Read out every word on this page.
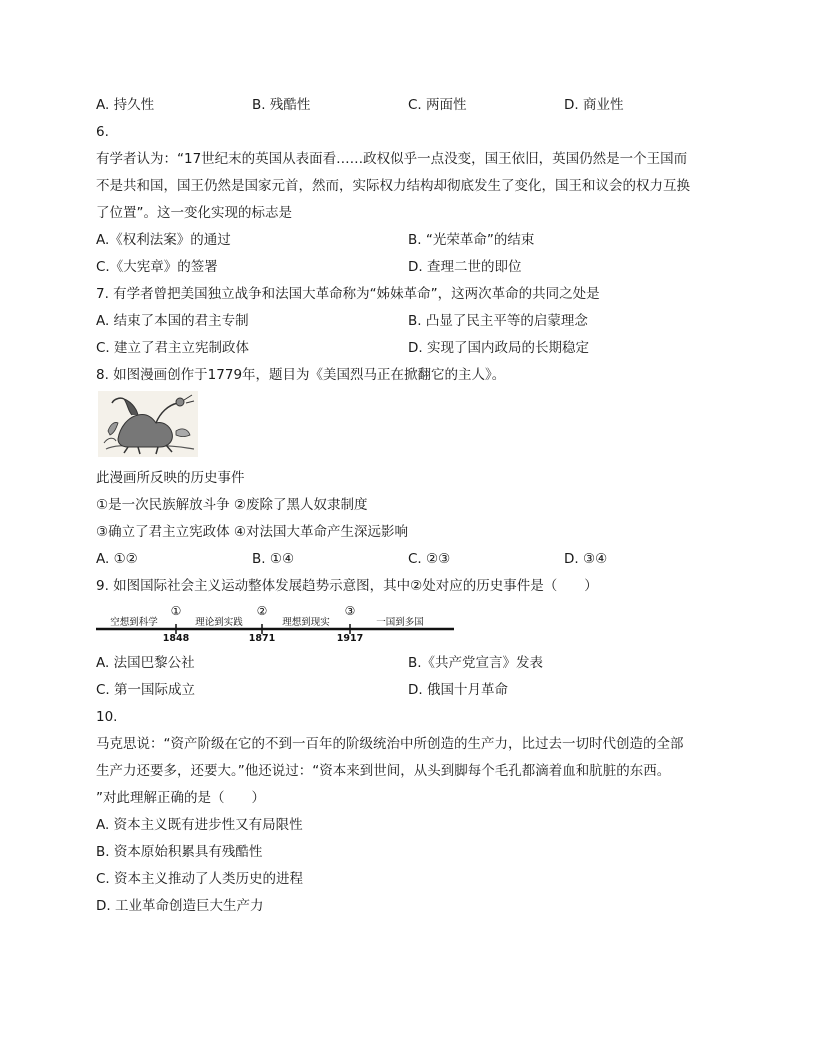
A. 持久性	B. 残酷性	C. 两面性	D. 商业性
6.
有学者认为：“17世纪末的英国从表面看……政权似乎一点没变，国王依旧，英国仍然是一个王国而
不是共和国，国王仍然是国家元首，然而，实际权力结构却彻底发生了变化，国王和议会的权力互换
了位置”。这一变化实现的标志是
A.《权利法案》的通过	B. “光荣革命”的结束
C.《大宪章》的签署	D. 查理二世的即位
7. 有学者曾把美国独立战争和法国大革命称为“姊妹革命”，这两次革命的共同之处是
A. 结束了本国的君主专制	B. 凸显了民主平等的启蒙理念
C. 建立了君主立宪制政体	D. 实现了国内政局的长期稳定
8. 如图漫画创作于1779年，题目为《美国烈马正在掀翻它的主人》。
此漫画所反映的历史事件
①是一次民族解放斗争 ②废除了黑人奴隶制度
③确立了君主立宪政体 ④对法国大革命产生深远影响
A. ①②	B. ①④	C. ②③	D. ③④
9. 如图国际社会主义运动整体发展趋势示意图，其中②处对应的历史事件是（　　）
空想到科学	理论到实践	理想到现实	一国到多国
①	②	③
1848	1871	1917
A. 法国巴黎公社	B.《共产党宣言》发表
C. 第一国际成立	D. 俄国十月革命
10.
马克思说：“资产阶级在它的不到一百年的阶级统治中所创造的生产力，比过去一切时代创造的全部
生产力还要多，还要大。”他还说过：“资本来到世间，从头到脚每个毛孔都滴着血和肮脏的东西。
”对此理解正确的是（　　）
A. 资本主义既有进步性又有局限性
B. 资本原始积累具有残酷性
C. 资本主义推动了人类历史的进程
D. 工业革命创造巨大生产力
